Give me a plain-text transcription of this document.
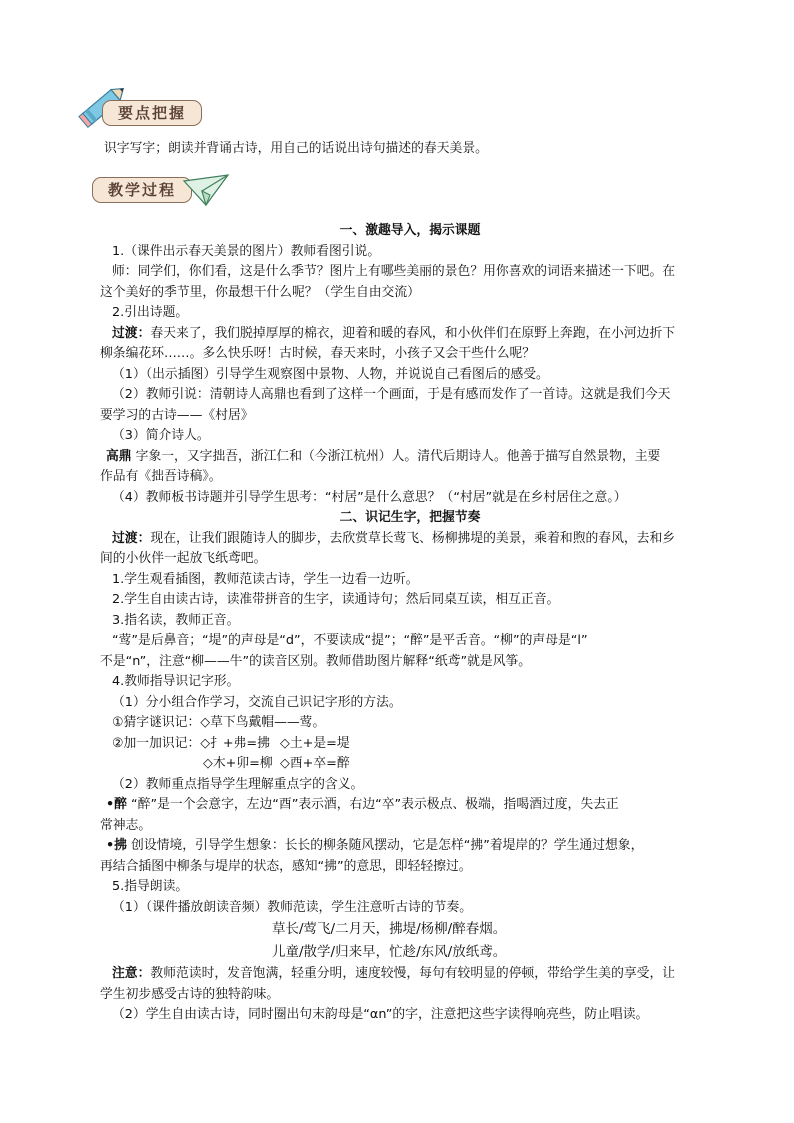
要点把握
教学过程

识字写字；朗读并背诵古诗，用自己的话说出诗句描述的春天美景。

一、激趣导入，揭示课题

1.（课件出示春天美景的图片）教师看图引说。

师：同学们，你们看，这是什么季节？图片上有哪些美丽的景色？用你喜欢的词语来描述一下吧。在

这个美好的季节里，你最想干什么呢？（学生自由交流）

2.引出诗题。

过渡：春天来了，我们脱掉厚厚的棉衣，迎着和暖的春风，和小伙伴们在原野上奔跑，在小河边折下

柳条编花环……。多么快乐呀！古时候，春天来时，小孩子又会干些什么呢？

（1）（出示插图）引导学生观察图中景物、人物，并说说自己看图后的感受。

（2）教师引说：清朝诗人高鼎也看到了这样一个画面，于是有感而发作了一首诗。这就是我们今天

要学习的古诗——《村居》

（3）简介诗人。

高鼎 字象一，又字拙吾，浙江仁和（今浙江杭州）人。清代后期诗人。他善于描写自然景物，主要

作品有《拙吾诗稿》。

（4）教师板书诗题并引导学生思考：“村居”是什么意思？（“村居”就是在乡村居住之意。）

二、识记生字，把握节奏

过渡：现在，让我们跟随诗人的脚步，去欣赏草长莺飞、杨柳拂堤的美景，乘着和煦的春风，去和乡

间的小伙伴一起放飞纸鸢吧。

1.学生观看插图，教师范读古诗，学生一边看一边听。

2.学生自由读古诗，读准带拼音的生字，读通诗句；然后同桌互读，相互正音。

3.指名读，教师正音。

“莺”是后鼻音；“堤”的声母是“d”，不要读成“提”；“醉”是平舌音。“柳”的声母是“l”

不是“n”，注意“柳——牛”的读音区别。教师借助图片解释“纸鸢”就是风筝。

4.教师指导识记字形。

（1）分小组合作学习，交流自己识记字形的方法。

①猜字谜识记：◇草下鸟戴帽——莺。

②加一加识记：◇扌+弗=拂 ◇土+是=堤

◇木+卯=柳 ◇酉+卒=醉

（2）教师重点指导学生理解重点字的含义。

•醉 “醉”是一个会意字，左边“酉”表示酒，右边“卒”表示极点、极端，指喝酒过度，失去正

常神志。

•拂 创设情境，引导学生想象：长长的柳条随风摆动，它是怎样“拂”着堤岸的？学生通过想象，

再结合插图中柳条与堤岸的状态，感知“拂”的意思，即轻轻擦过。

5.指导朗读。

（1）（课件播放朗读音频）教师范读，学生注意听古诗的节奏。

草长/莺飞/二月天，拂堤/杨柳/醉春烟。

儿童/散学/归来早，忙趁/东风/放纸鸢。

注意：教师范读时，发音饱满，轻重分明，速度较慢，每句有较明显的停顿，带给学生美的享受，让

学生初步感受古诗的独特韵味。

（2）学生自由读古诗，同时圈出句末韵母是“αn”的字，注意把这些字读得响亮些，防止唱读。
